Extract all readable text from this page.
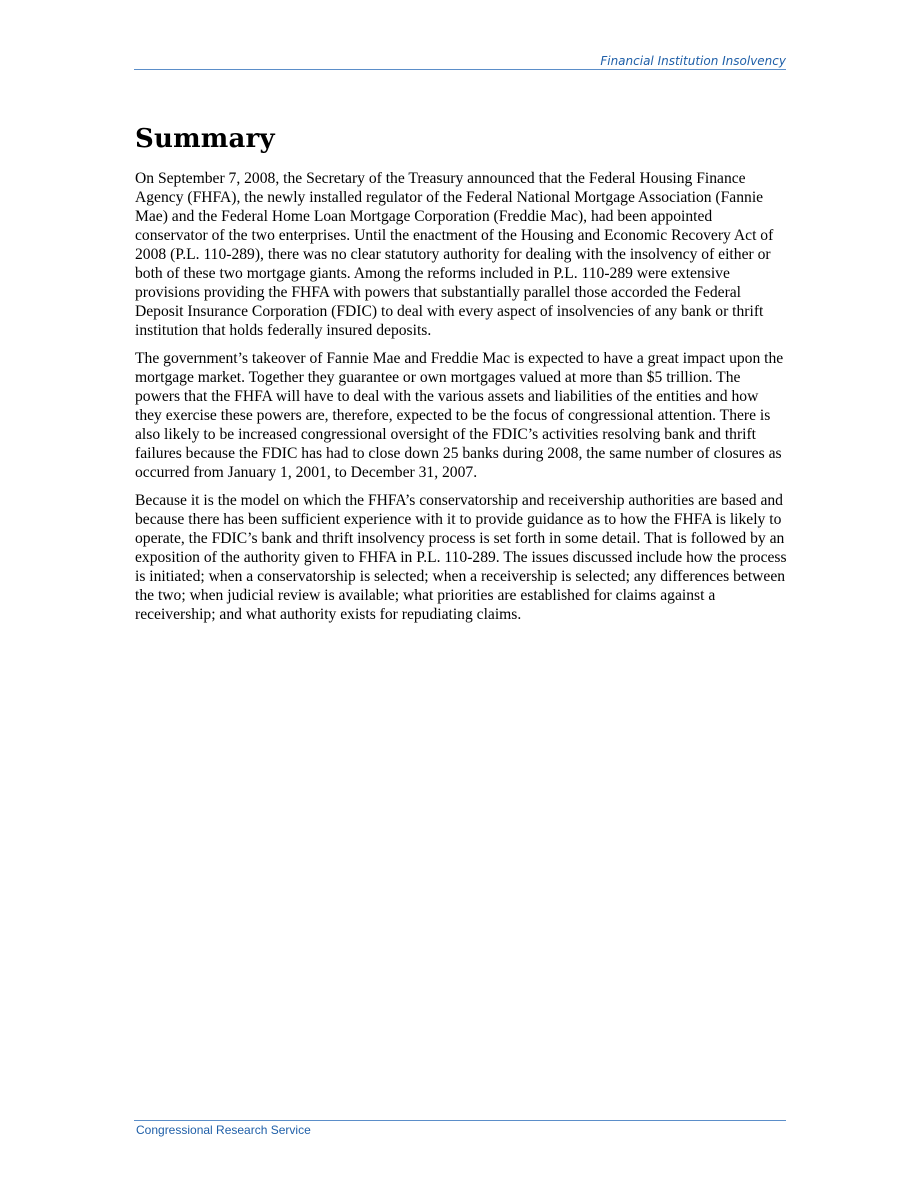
Financial Institution Insolvency
Summary

On September 7, 2008, the Secretary of the Treasury announced that the Federal Housing Finance Agency (FHFA), the newly installed regulator of the Federal National Mortgage Association (Fannie Mae) and the Federal Home Loan Mortgage Corporation (Freddie Mac), had been appointed conservator of the two enterprises. Until the enactment of the Housing and Economic Recovery Act of 2008 (P.L. 110-289), there was no clear statutory authority for dealing with the insolvency of either or both of these two mortgage giants. Among the reforms included in P.L. 110-289 were extensive provisions providing the FHFA with powers that substantially parallel those accorded the Federal Deposit Insurance Corporation (FDIC) to deal with every aspect of insolvencies of any bank or thrift institution that holds federally insured deposits.

The government’s takeover of Fannie Mae and Freddie Mac is expected to have a great impact upon the mortgage market. Together they guarantee or own mortgages valued at more than $5 trillion. The powers that the FHFA will have to deal with the various assets and liabilities of the entities and how they exercise these powers are, therefore, expected to be the focus of congressional attention. There is also likely to be increased congressional oversight of the FDIC’s activities resolving bank and thrift failures because the FDIC has had to close down 25 banks during 2008, the same number of closures as occurred from January 1, 2001, to December 31, 2007.

Because it is the model on which the FHFA’s conservatorship and receivership authorities are based and because there has been sufficient experience with it to provide guidance as to how the FHFA is likely to operate, the FDIC’s bank and thrift insolvency process is set forth in some detail. That is followed by an exposition of the authority given to FHFA in P.L. 110-289. The issues discussed include how the process is initiated; when a conservatorship is selected; when a receivership is selected; any differences between the two; when judicial review is available; what priorities are established for claims against a receivership; and what authority exists for repudiating claims.

Congressional Research Service
